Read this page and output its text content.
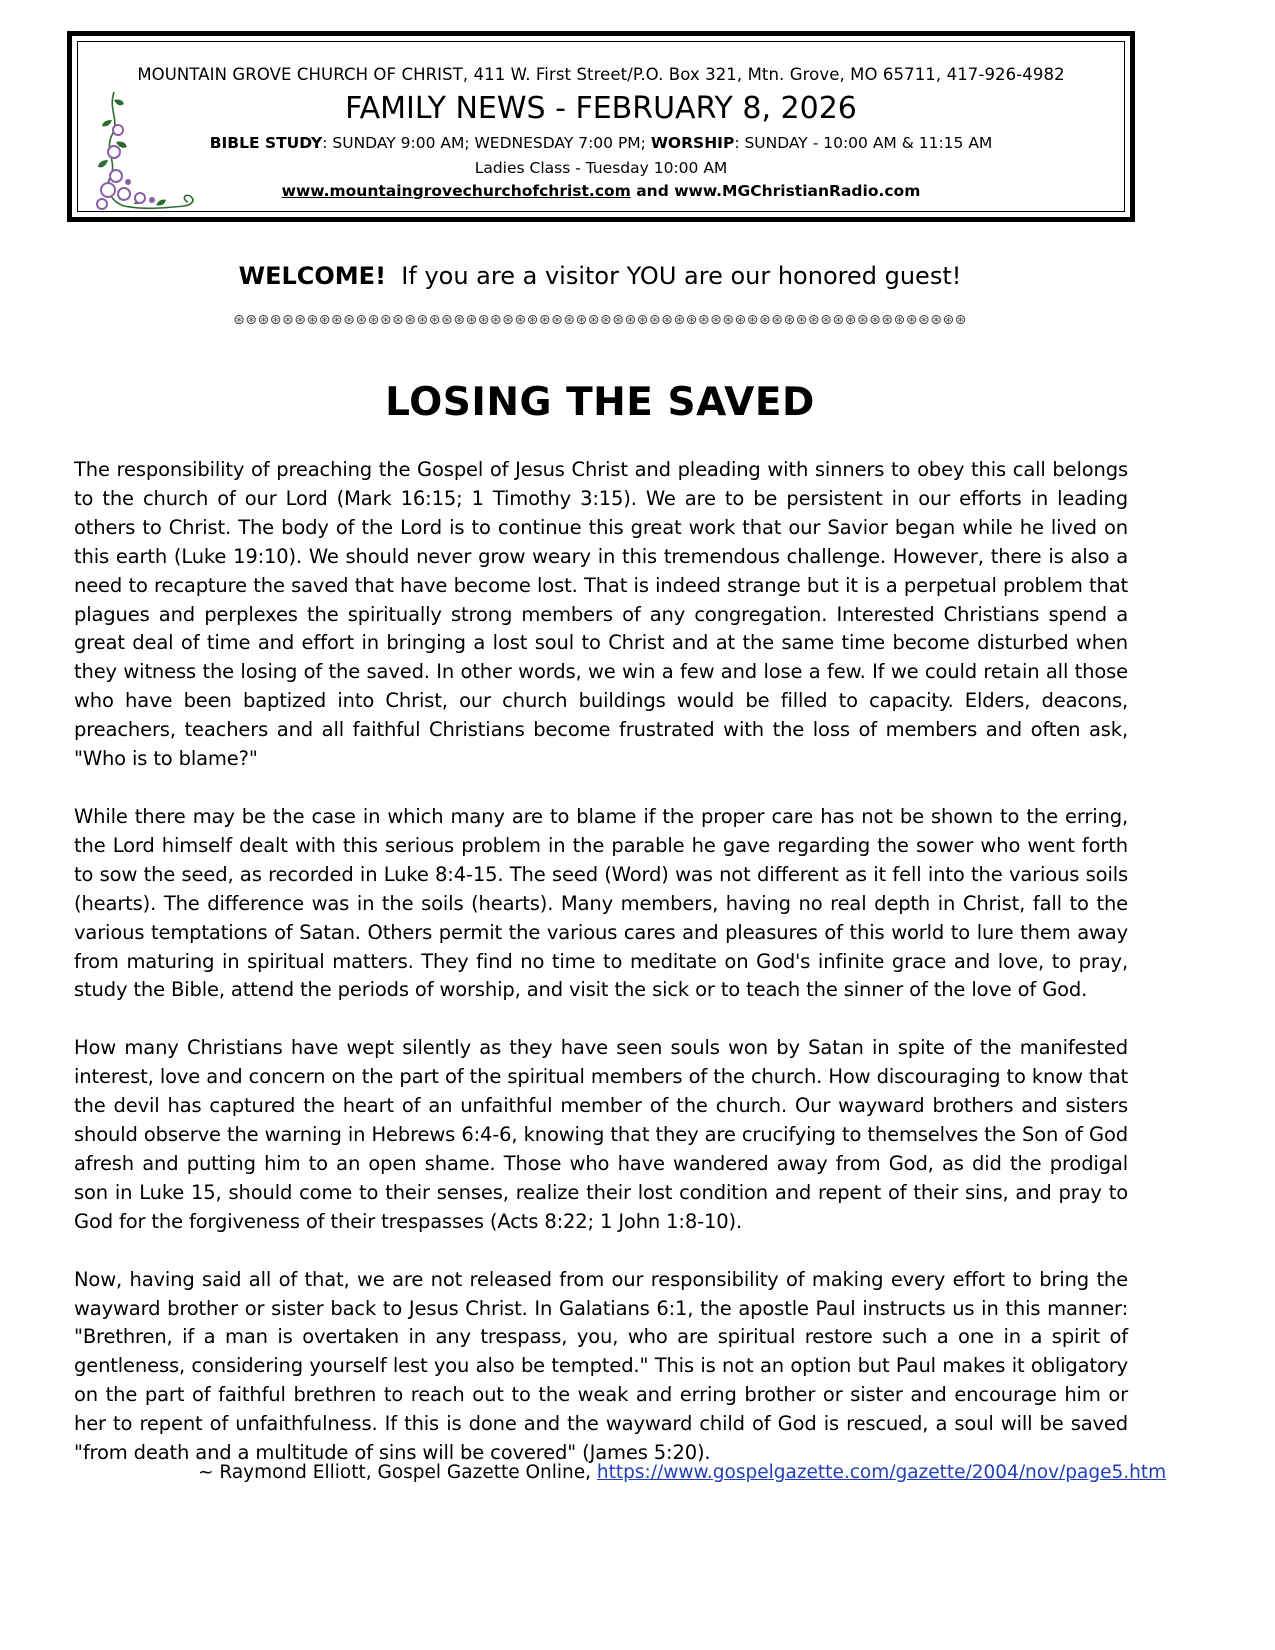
MOUNTAIN GROVE CHURCH OF CHRIST, 411 W. First Street/P.O. Box 321, Mtn. Grove, MO 65711, 417-926-4982
FAMILY NEWS - FEBRUARY 8, 2026
BIBLE STUDY: SUNDAY 9:00 AM; WEDNESDAY 7:00 PM; WORSHIP: SUNDAY - 10:00 AM & 11:15 AM
Ladies Class - Tuesday 10:00 AM
www.mountaingrovechurchofchrist.com and www.MGChristianRadio.com
WELCOME!  If you are a visitor YOU are our honored guest!
⊛⊛⊛⊛⊛⊛⊛⊛⊛⊛⊛⊛⊛⊛⊛⊛⊛⊛⊛⊛⊛⊛⊛⊛⊛⊛⊛⊛⊛⊛⊛⊛⊛⊛⊛⊛⊛⊛⊛⊛⊛⊛⊛⊛⊛⊛⊛⊛⊛⊛⊛⊛⊛⊛⊛⊛⊛⊛⊛⊛
LOSING THE SAVED

The responsibility of preaching the Gospel of Jesus Christ and pleading with sinners to obey this call belongs to the church of our Lord (Mark 16:15; 1 Timothy 3:15). We are to be persistent in our efforts in leading others to Christ. The body of the Lord is to continue this great work that our Savior began while he lived on this earth (Luke 19:10). We should never grow weary in this tremendous challenge. However, there is also a need to recapture the saved that have become lost. That is indeed strange but it is a perpetual problem that plagues and perplexes the spiritually strong members of any congregation. Interested Christians spend a great deal of time and effort in bringing a lost soul to Christ and at the same time become disturbed when they witness the losing of the saved. In other words, we win a few and lose a few. If we could retain all those who have been baptized into Christ, our church buildings would be filled to capacity. Elders, deacons, preachers, teachers and all faithful Christians become frustrated with the loss of members and often ask, "Who is to blame?"

While there may be the case in which many are to blame if the proper care has not be shown to the erring, the Lord himself dealt with this serious problem in the parable he gave regarding the sower who went forth to sow the seed, as recorded in Luke 8:4-15. The seed (Word) was not different as it fell into the various soils (hearts). The difference was in the soils (hearts). Many members, having no real depth in Christ, fall to the various temptations of Satan. Others permit the various cares and pleasures of this world to lure them away from maturing in spiritual matters. They find no time to meditate on God's infinite grace and love, to pray, study the Bible, attend the periods of worship, and visit the sick or to teach the sinner of the love of God.

How many Christians have wept silently as they have seen souls won by Satan in spite of the manifested interest, love and concern on the part of the spiritual members of the church. How discouraging to know that the devil has captured the heart of an unfaithful member of the church. Our wayward brothers and sisters should observe the warning in Hebrews 6:4-6, knowing that they are crucifying to themselves the Son of God afresh and putting him to an open shame. Those who have wandered away from God, as did the prodigal son in Luke 15, should come to their senses, realize their lost condition and repent of their sins, and pray to God for the forgiveness of their trespasses (Acts 8:22; 1 John 1:8-10).

Now, having said all of that, we are not released from our responsibility of making every effort to bring the wayward brother or sister back to Jesus Christ. In Galatians 6:1, the apostle Paul instructs us in this manner: "Brethren, if a man is overtaken in any trespass, you, who are spiritual restore such a one in a spirit of gentleness, considering yourself lest you also be tempted." This is not an option but Paul makes it obligatory on the part of faithful brethren to reach out to the weak and erring brother or sister and encourage him or her to repent of unfaithfulness. If this is done and the wayward child of God is rescued, a soul will be saved "from death and a multitude of sins will be covered" (James 5:20).

~ Raymond Elliott, Gospel Gazette Online, https://www.gospelgazette.com/gazette/2004/nov/page5.htm
